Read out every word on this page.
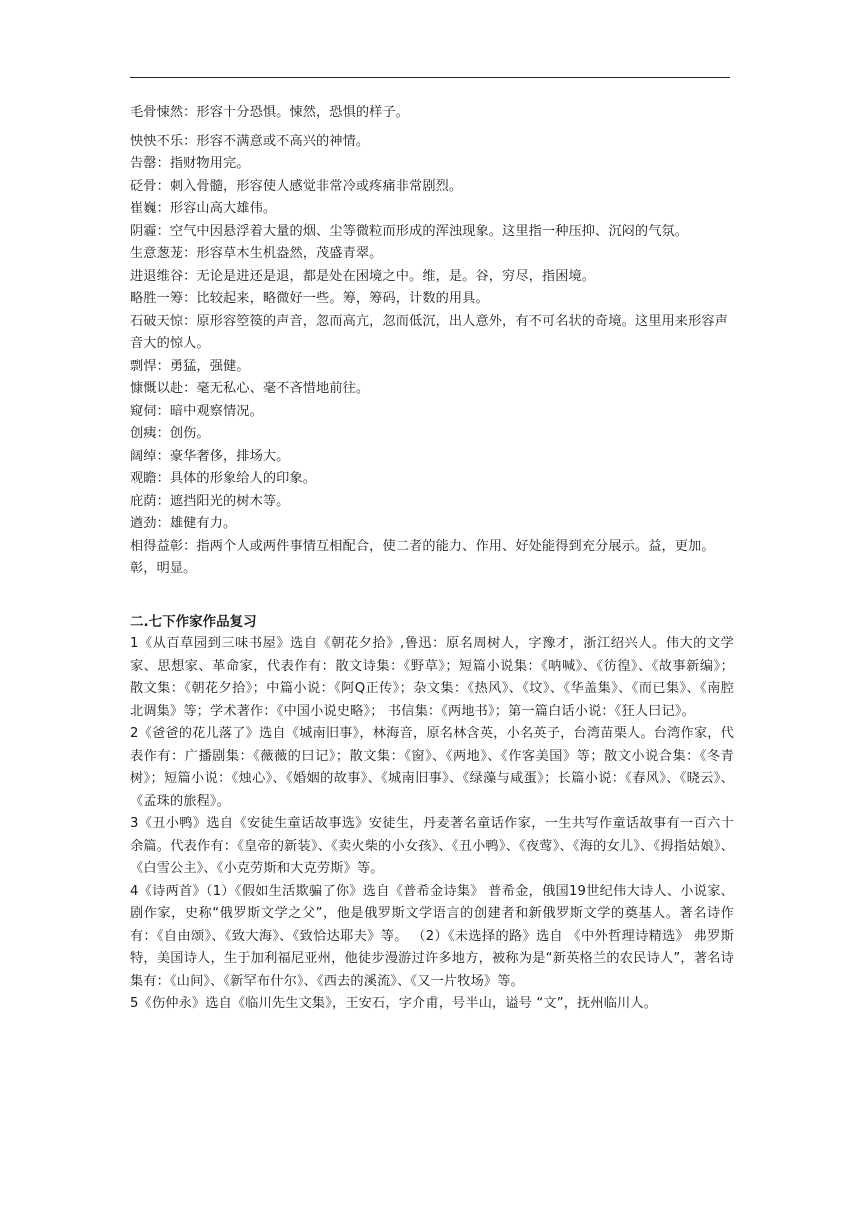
毛骨悚然：形容十分恐惧。悚然，恐惧的样子。

怏怏不乐：形容不满意或不高兴的神情。

告罄：指财物用完。

砭骨：刺入骨髓，形容使人感觉非常冷或疼痛非常剧烈。

崔巍：形容山高大雄伟。

阴霾：空气中因悬浮着大量的烟、尘等微粒而形成的浑浊现象。这里指一种压抑、沉闷的气氛。

生意葱茏：形容草木生机盎然，茂盛青翠。

进退维谷：无论是进还是退，都是处在困境之中。维，是。谷，穷尽，指困境。

略胜一筹：比较起来，略微好一些。筹，筹码，计数的用具。

石破天惊：原形容箜篌的声音，忽而高亢，忽而低沉，出人意外，有不可名状的奇境。这里用来形容声音大的惊人。

剽悍：勇猛，强健。

慷慨以赴：毫无私心、毫不吝惜地前往。

窥伺：暗中观察情况。

创痍：创伤。

阔绰：豪华奢侈，排场大。

观瞻：具体的形象给人的印象。

庇荫：遮挡阳光的树木等。

遒劲：雄健有力。

相得益彰：指两个人或两件事情互相配合，使二者的能力、作用、好处能得到充分展示。益，更加。彰，明显。

二.七下作家作品复习

1《从百草园到三味书屋》选自《朝花夕拾》,鲁迅：原名周树人，字豫才，浙江绍兴人。伟大的文学家、思想家、革命家，代表作有：散文诗集：《野草》；短篇小说集：《呐喊》、《彷徨》、《故事新编》； 散文集：《朝花夕拾》；中篇小说：《阿Q正传》；杂文集：《热风》、《坟》、《华盖集》、《而已集》、《南腔北调集》等；学术著作：《中国小说史略》； 书信集：《两地书》；第一篇白话小说：《狂人曰记》。

2《爸爸的花儿落了》选自《城南旧事》，林海音，原名林含英，小名英子，台湾苗栗人。台湾作家，代表作有：广播剧集：《薇薇的曰记》；散文集：《窗》、《两地》、《作客美国》等；散文小说合集：《冬青树》；短篇小说：《烛心》、《婚姻的故事》、《城南旧事》、《绿藻与咸蛋》；长篇小说：《春风》、《晓云》、《孟珠的旅程》。

3《丑小鸭》选自《安徒生童话故事选》安徒生，丹麦著名童话作家，一生共写作童话故事有一百六十余篇。代表作有：《皇帝的新装》、《卖火柴的小女孩》、《丑小鸭》、《夜莺》、《海的女儿》、《拇指姑娘》、《白雪公主》、《小克劳斯和大克劳斯》等。

4《诗两首》（1）《假如生活欺骗了你》选自《普希金诗集》 普希金，俄国19世纪伟大诗人、小说家、剧作家，史称“俄罗斯文学之父”，他是俄罗斯文学语言的创建者和新俄罗斯文学的奠基人。著名诗作有：《自由颂》、《致大海》、《致恰达耶夫》等。 （2）《未选择的路》选自 《中外哲理诗精选》 弗罗斯特，美国诗人，生于加利福尼亚州，他徒步漫游过许多地方，被称为是“新英格兰的农民诗人”，著名诗集有：《山间》、《新罕布什尔》、《西去的溪流》、《又一片牧场》等。

5《伤仲永》选自《临川先生文集》，王安石，字介甫，号半山，谥号 “文”，抚州临川人。
